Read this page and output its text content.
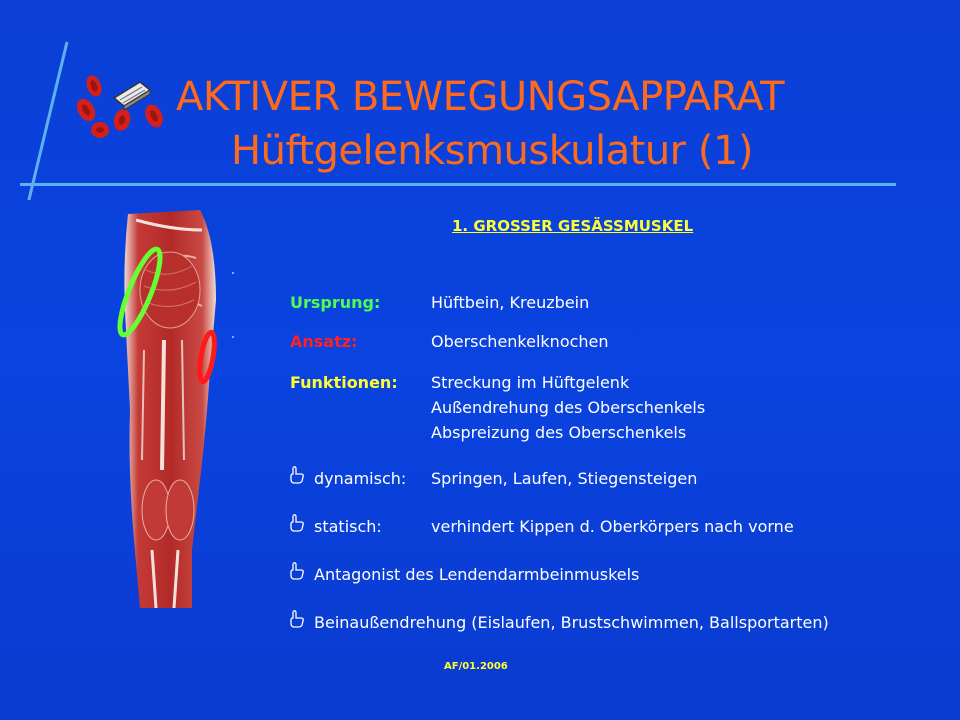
AKTIVER BEWEGUNGSAPPARAT
Hüftgelenksmuskulatur (1)
1. GROSSER GESÄSSMUSKEL
Ursprung:	Hüftbein, Kreuzbein
Ansatz:	Oberschenkelknochen
Funktionen: Streckung im Hüftgelenk
Außendrehung des Oberschenkels
Abspreizung des Oberschenkels
dynamisch: Springen, Laufen, Stiegensteigen
statisch:	verhindert Kippen d. Oberkörpers nach vorne
Antagonist des Lendendarmbeinmuskels
Beinaußendrehung (Eislaufen, Brustschwimmen, Ballsportarten)
AF/01.2006
